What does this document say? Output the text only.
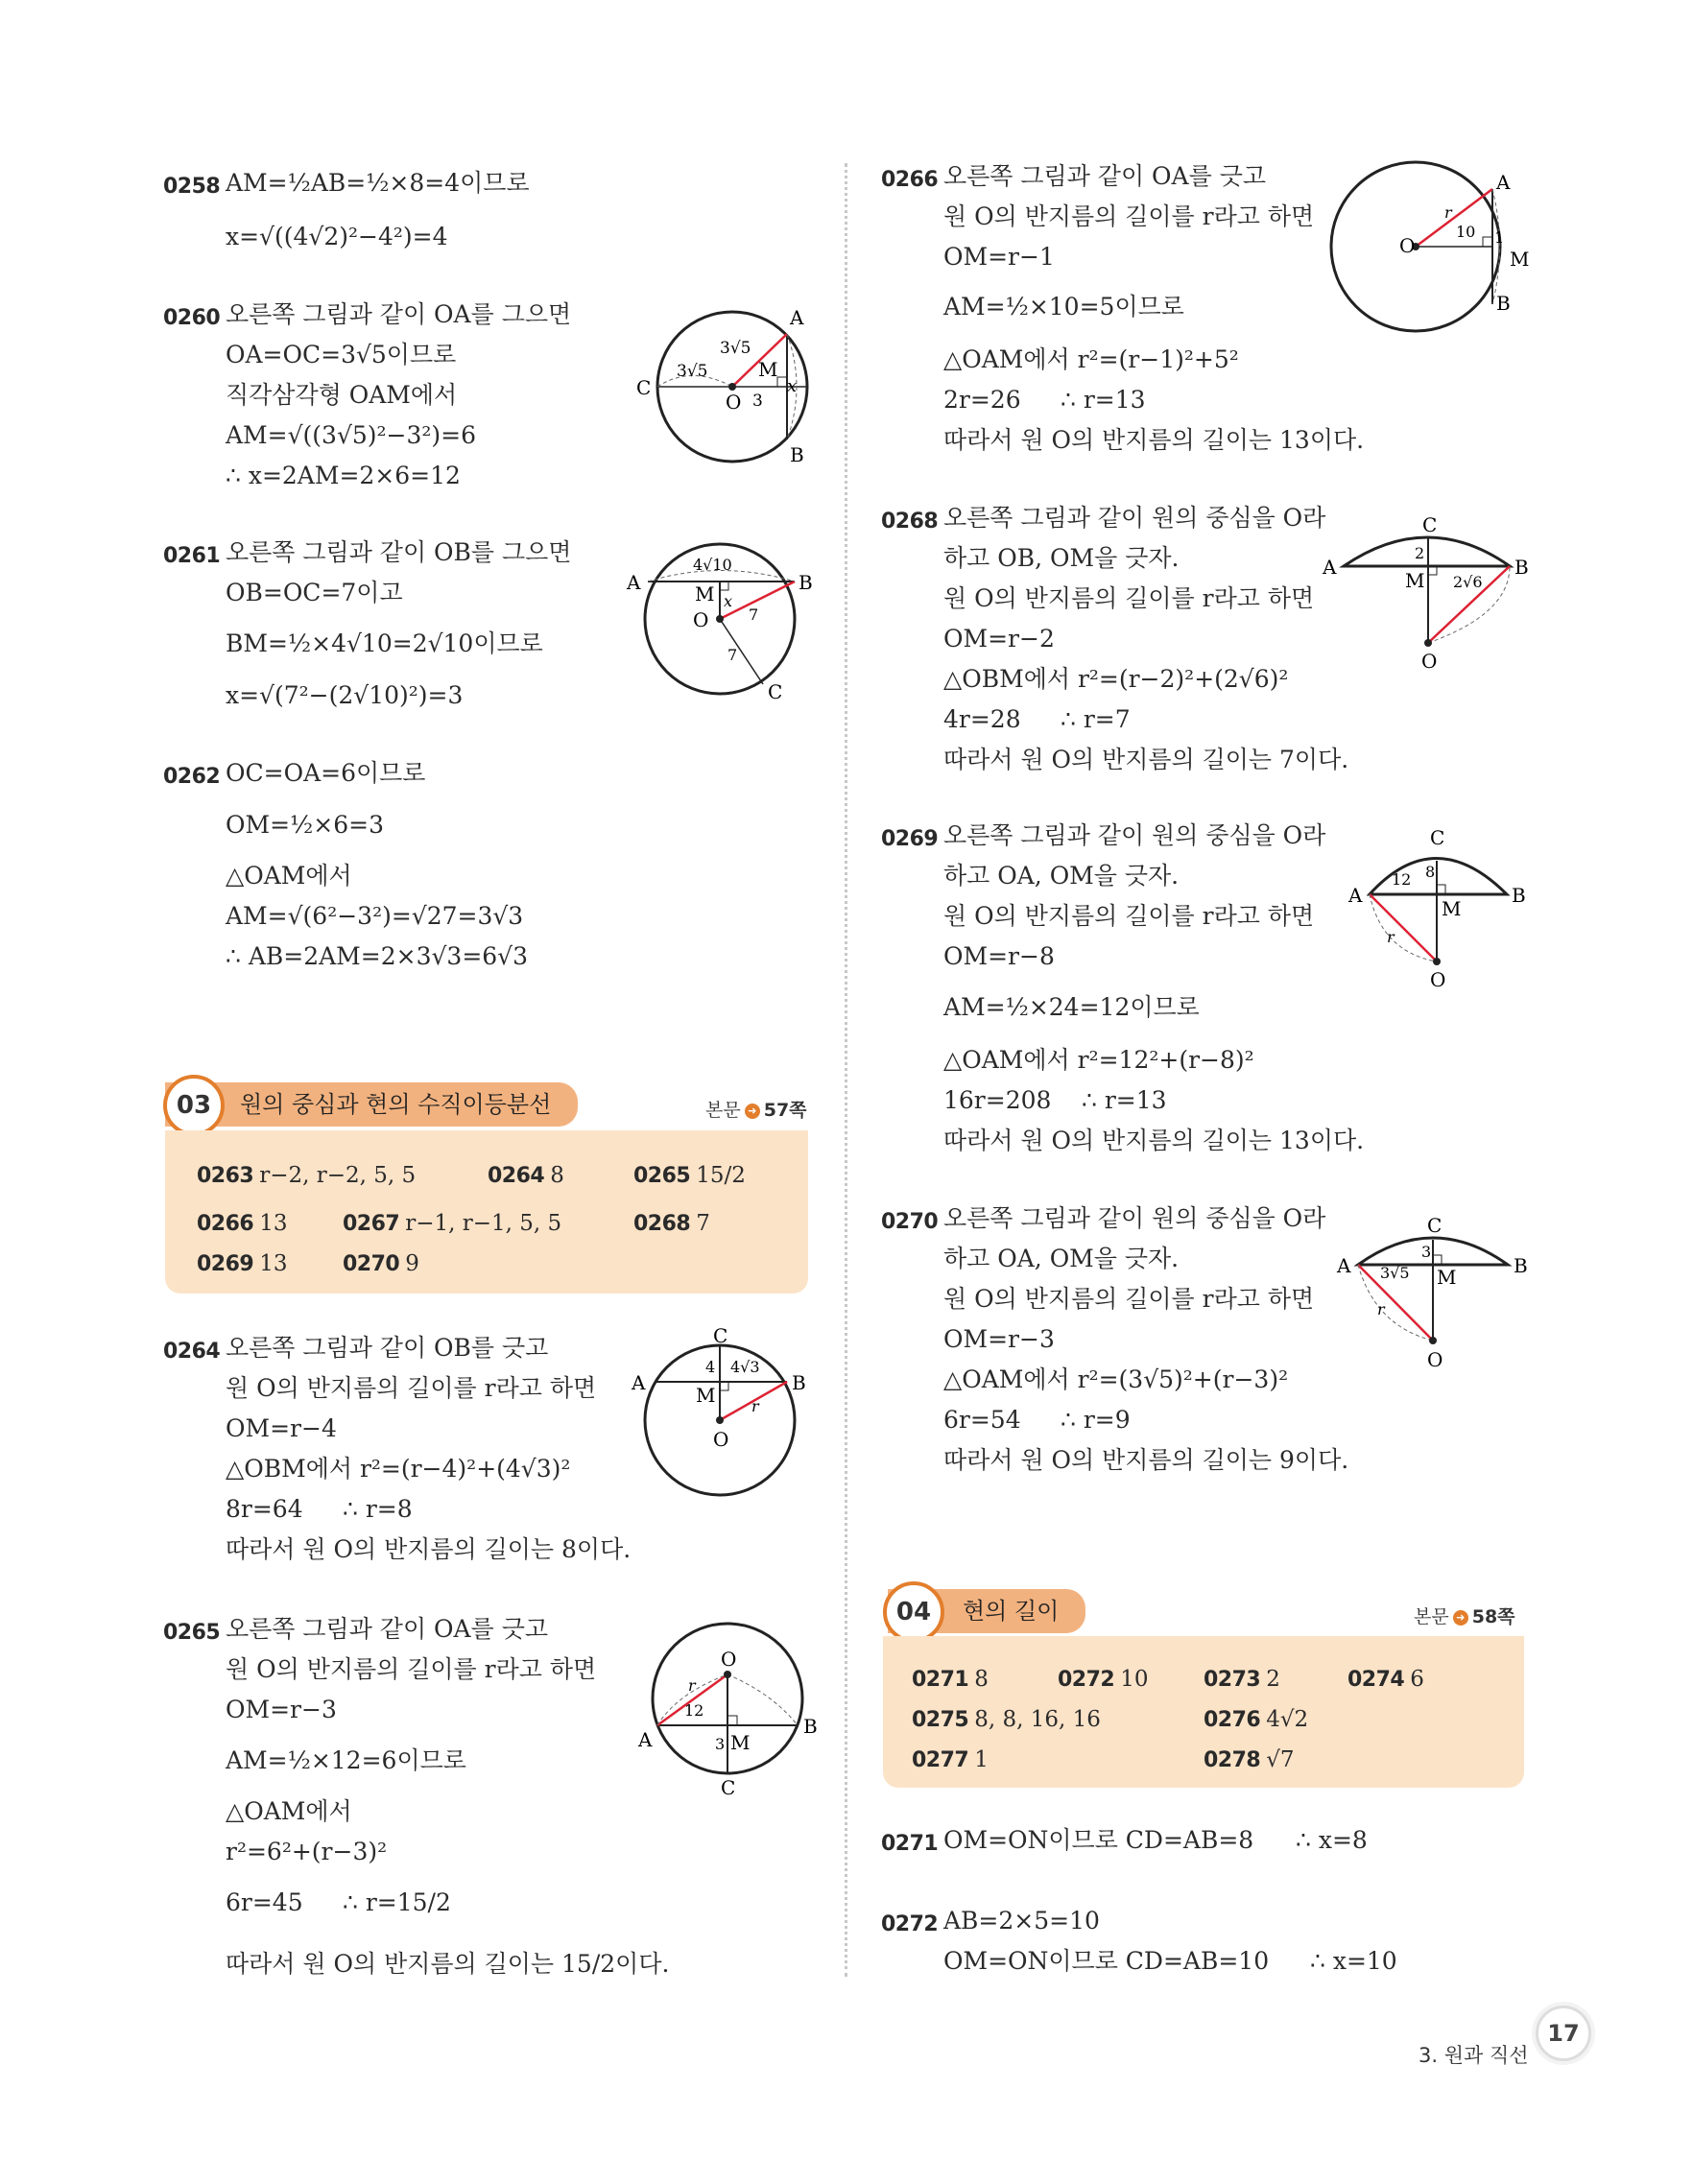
0258 AM=½AB=½×8=4이므로
x=√((4√2)²−4²)=4
0260 오른쪽 그림과 같이 OA를 그으면
OA=OC=3√5이므로
직각삼각형 OAM에서
AM=√((3√5)²−3²)=6
∴ x=2AM=2×6=12
A
B
C
O
M
x
3√5
3√5
3
0261 오른쪽 그림과 같이 OB를 그으면
OB=OC=7이고
BM=½×4√10=2√10이므로
x=√(7²−(2√10)²)=3
A	B
C
O
M x
4√10
7
7
0262 OC=OA=6이므로
OM=½×6=3
△OAM에서
AM=√(6²−3²)=√27=3√3
∴ AB=2AM=2×3√3=6√3
원의 중심과 현의 수직이등분선
03	본문 ➜ 57쪽
0263 r−2, r−2, 5, 5	0264 8	0265 15/2
0266 13	0267 r−1, r−1, 5, 5	0268 7
0269 13	0270 9
0264 오른쪽 그림과 같이 OB를 긋고
원 O의 반지름의 길이를 r라고 하면
OM=r−4
△OBM에서 r²=(r−4)²+(4√3)²
8r=64 ∴ r=8
따라서 원 O의 반지름의 길이는 8이다.
C
A	B
O
M
4 4√3
r
0265 오른쪽 그림과 같이 OA를 긋고
원 O의 반지름의 길이를 r라고 하면
OM=r−3
AM=½×12=6이므로
△OAM에서
r²=6²+(r−3)²
6r=45 ∴ r=15/2
따라서 원 O의 반지름의 길이는 15/2이다.
O
A
B
C
M
12
3
r
0266 오른쪽 그림과 같이 OA를 긋고
원 O의 반지름의 길이를 r라고 하면
OM=r−1
AM=½×10=5이므로
△OAM에서 r²=(r−1)²+5²
2r=26 ∴ r=13
따라서 원 O의 반지름의 길이는 13이다.
A
B
O
M
r
10 1
0268 오른쪽 그림과 같이 원의 중심을 O라
하고 OB, OM을 긋자.
원 O의 반지름의 길이를 r라고 하면
OM=r−2
△OBM에서 r²=(r−2)²+(2√6)²
4r=28 ∴ r=7
따라서 원 O의 반지름의 길이는 7이다.
C
A	B
O
M
2
2√6
0269 오른쪽 그림과 같이 원의 중심을 O라
하고 OA, OM을 긋자.
원 O의 반지름의 길이를 r라고 하면
OM=r−8
AM=½×24=12이므로
△OAM에서 r²=12²+(r−8)²
16r=208 ∴ r=13
따라서 원 O의 반지름의 길이는 13이다.
C
A	B
O
M
8
12
r
0270 오른쪽 그림과 같이 원의 중심을 O라
하고 OA, OM을 긋자.
원 O의 반지름의 길이를 r라고 하면
OM=r−3
△OAM에서 r²=(3√5)²+(r−3)²
6r=54 ∴ r=9
따라서 원 O의 반지름의 길이는 9이다.
C
A	B
O
M
3
3√5
r
현의 길이
04	본문 ➜ 58쪽
0271 8	0272 10	0273 2	0274 6
0275 8, 8, 16, 16	0276 4√2
0277 1	0278 √7
0271 OM=ON이므로 CD=AB=8 ∴ x=8
0272 AB=2×5=10
OM=ON이므로 CD=AB=10 ∴ x=10
3. 원과 직선
17
